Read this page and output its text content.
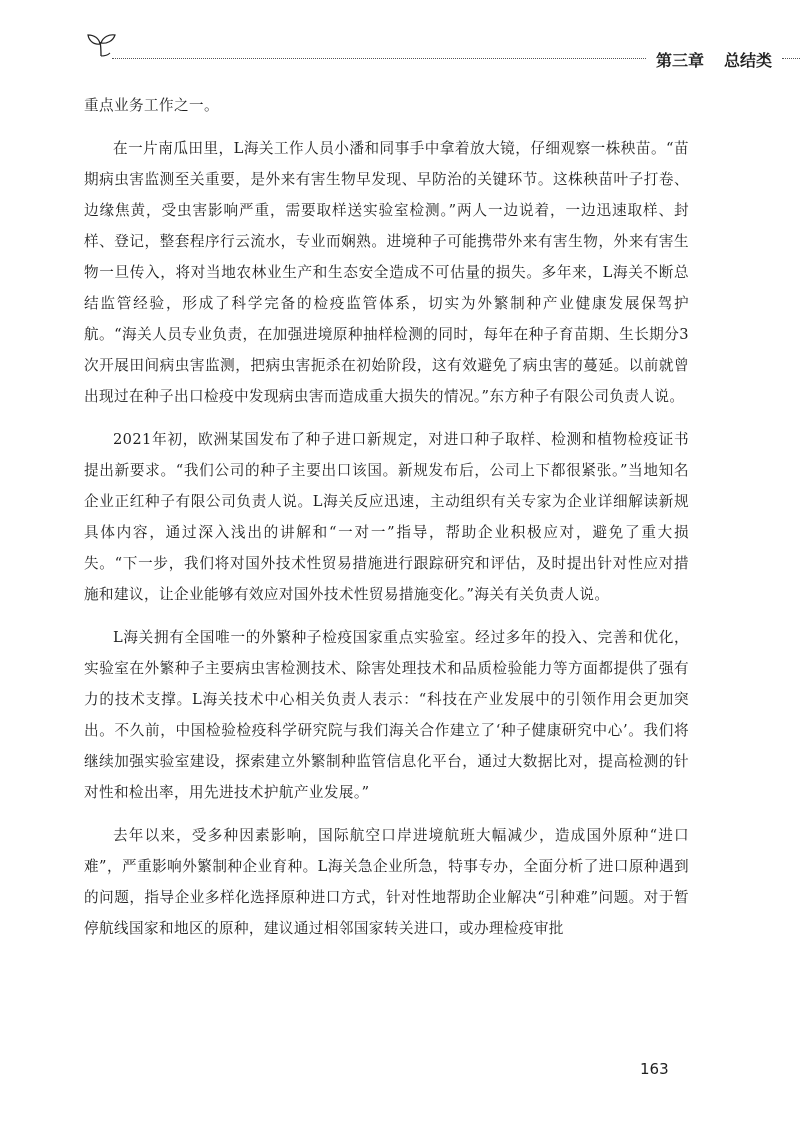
第三章 总结类

重点业务工作之一。

在一片南瓜田里，L海关工作人员小潘和同事手中拿着放大镜，仔细观察一株秧苗。“苗期病虫害监测至关重要，是外来有害生物早发现、早防治的关键环节。这株秧苗叶子打卷、边缘焦黄，受虫害影响严重，需要取样送实验室检测。”两人一边说着，一边迅速取样、封样、登记，整套程序行云流水，专业而娴熟。进境种子可能携带外来有害生物，外来有害生物一旦传入，将对当地农林业生产和生态安全造成不可估量的损失。多年来，L海关不断总结监管经验，形成了科学完备的检疫监管体系，切实为外繁制种产业健康发展保驾护航。“海关人员专业负责，在加强进境原种抽样检测的同时，每年在种子育苗期、生长期分3次开展田间病虫害监测，把病虫害扼杀在初始阶段，这有效避免了病虫害的蔓延。以前就曾出现过在种子出口检疫中发现病虫害而造成重大损失的情况。”东方种子有限公司负责人说。

2021年初，欧洲某国发布了种子进口新规定，对进口种子取样、检测和植物检疫证书提出新要求。“我们公司的种子主要出口该国。新规发布后，公司上下都很紧张。”当地知名企业正红种子有限公司负责人说。L海关反应迅速，主动组织有关专家为企业详细解读新规具体内容，通过深入浅出的讲解和“一对一”指导，帮助企业积极应对，避免了重大损失。“下一步，我们将对国外技术性贸易措施进行跟踪研究和评估，及时提出针对性应对措施和建议，让企业能够有效应对国外技术性贸易措施变化。”海关有关负责人说。

L海关拥有全国唯一的外繁种子检疫国家重点实验室。经过多年的投入、完善和优化，实验室在外繁种子主要病虫害检测技术、除害处理技术和品质检验能力等方面都提供了强有力的技术支撑。L海关技术中心相关负责人表示：“科技在产业发展中的引领作用会更加突出。不久前，中国检验检疫科学研究院与我们海关合作建立了‘种子健康研究中心’。我们将继续加强实验室建设，探索建立外繁制种监管信息化平台，通过大数据比对，提高检测的针对性和检出率，用先进技术护航产业发展。”

去年以来，受多种因素影响，国际航空口岸进境航班大幅减少，造成国外原种“进口难”，严重影响外繁制种企业育种。L海关急企业所急，特事专办，全面分析了进口原种遇到的问题，指导企业多样化选择原种进口方式，针对性地帮助企业解决“引种难”问题。对于暂停航线国家和地区的原种，建议通过相邻国家转关进口，或办理检疫审批

163
